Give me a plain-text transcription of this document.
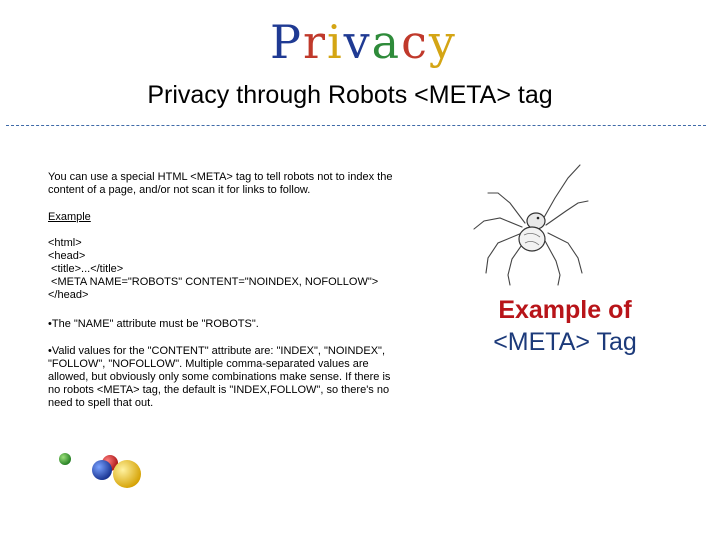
Privacy
Privacy through Robots <META> tag

You can use a special HTML <META> tag to tell robots not to index the content of a page, and/or not scan it for links to follow.

Example

<html>
<head>
<title>...</title>
<META NAME="ROBOTS" CONTENT="NOINDEX, NOFOLLOW">
</head>

•The "NAME" attribute must be "ROBOTS".

•Valid values for the "CONTENT" attribute are: "INDEX", "NOINDEX", "FOLLOW", "NOFOLLOW". Multiple comma-separated values are allowed, but obviously only some combinations make sense. If there is no robots <META> tag, the default is "INDEX,FOLLOW", so there's no need to spell that out.

Example of
<META> Tag
